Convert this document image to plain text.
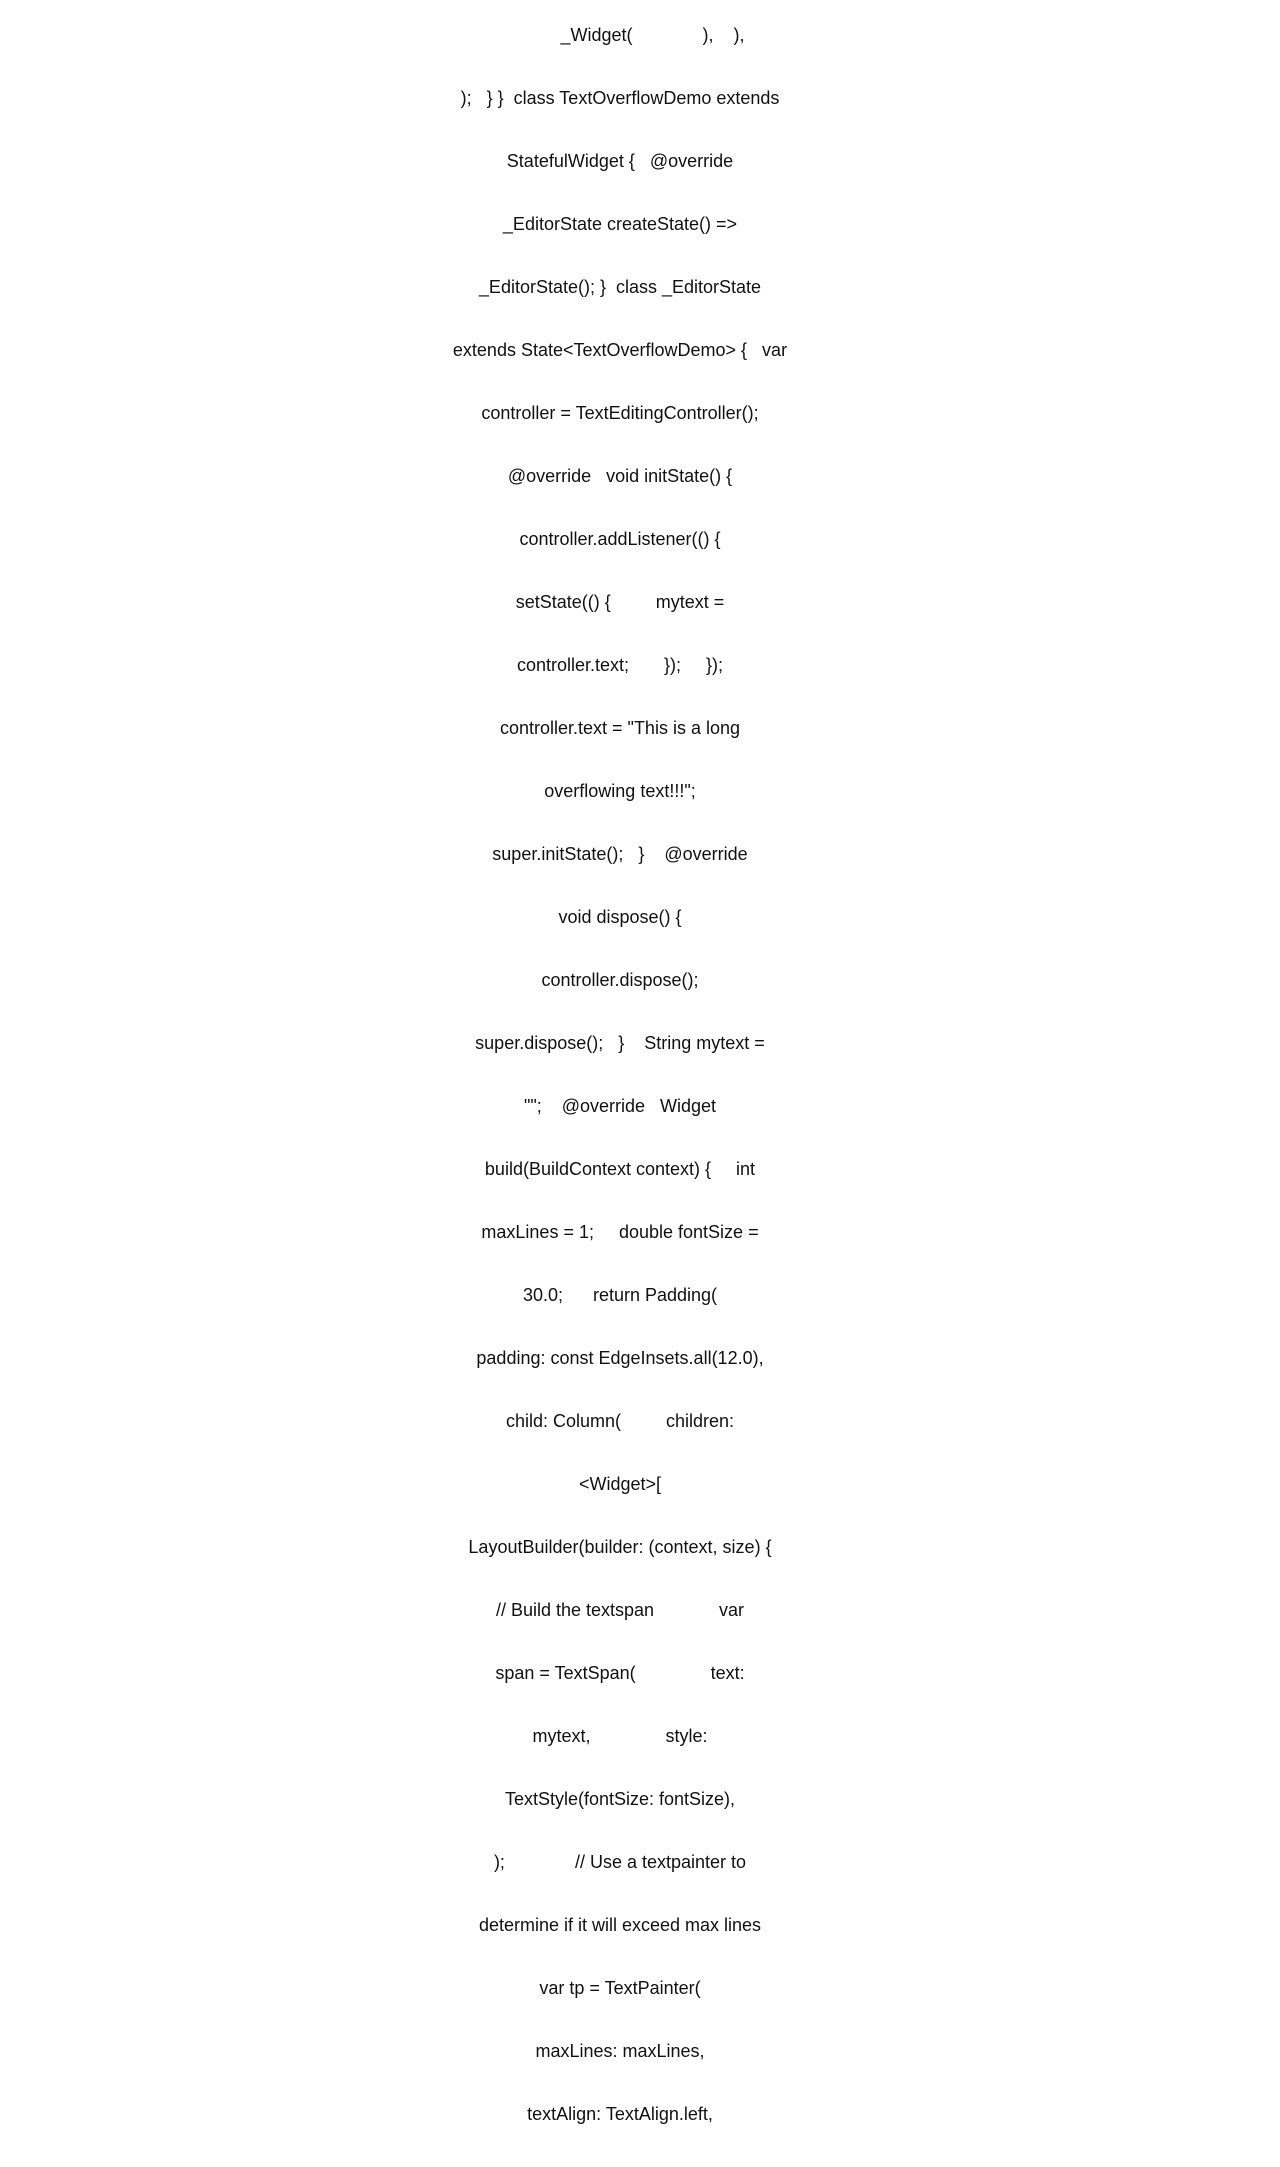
_Widget(              ),    ),

);   } }  class TextOverflowDemo extends

StatefulWidget {   @override

_EditorState createState() =>

_EditorState(); }  class _EditorState

extends State<TextOverflowDemo> {   var

controller = TextEditingController();

@override   void initState() {

controller.addListener(() {

setState(() {         mytext =

controller.text;       });     });

controller.text = "This is a long

overflowing text!!!";

super.initState();   }    @override

void dispose() {

controller.dispose();

super.dispose();   }    String mytext =

"";    @override   Widget

build(BuildContext context) {     int

maxLines = 1;     double fontSize =

30.0;      return Padding(

padding: const EdgeInsets.all(12.0),

child: Column(         children:

<Widget>[

LayoutBuilder(builder: (context, size) {

// Build the textspan             var

span = TextSpan(               text:

mytext,               style:

TextStyle(fontSize: fontSize),

);              // Use a textpainter to

determine if it will exceed max lines

var tp = TextPainter(

maxLines: maxLines,

textAlign: TextAlign.left,
